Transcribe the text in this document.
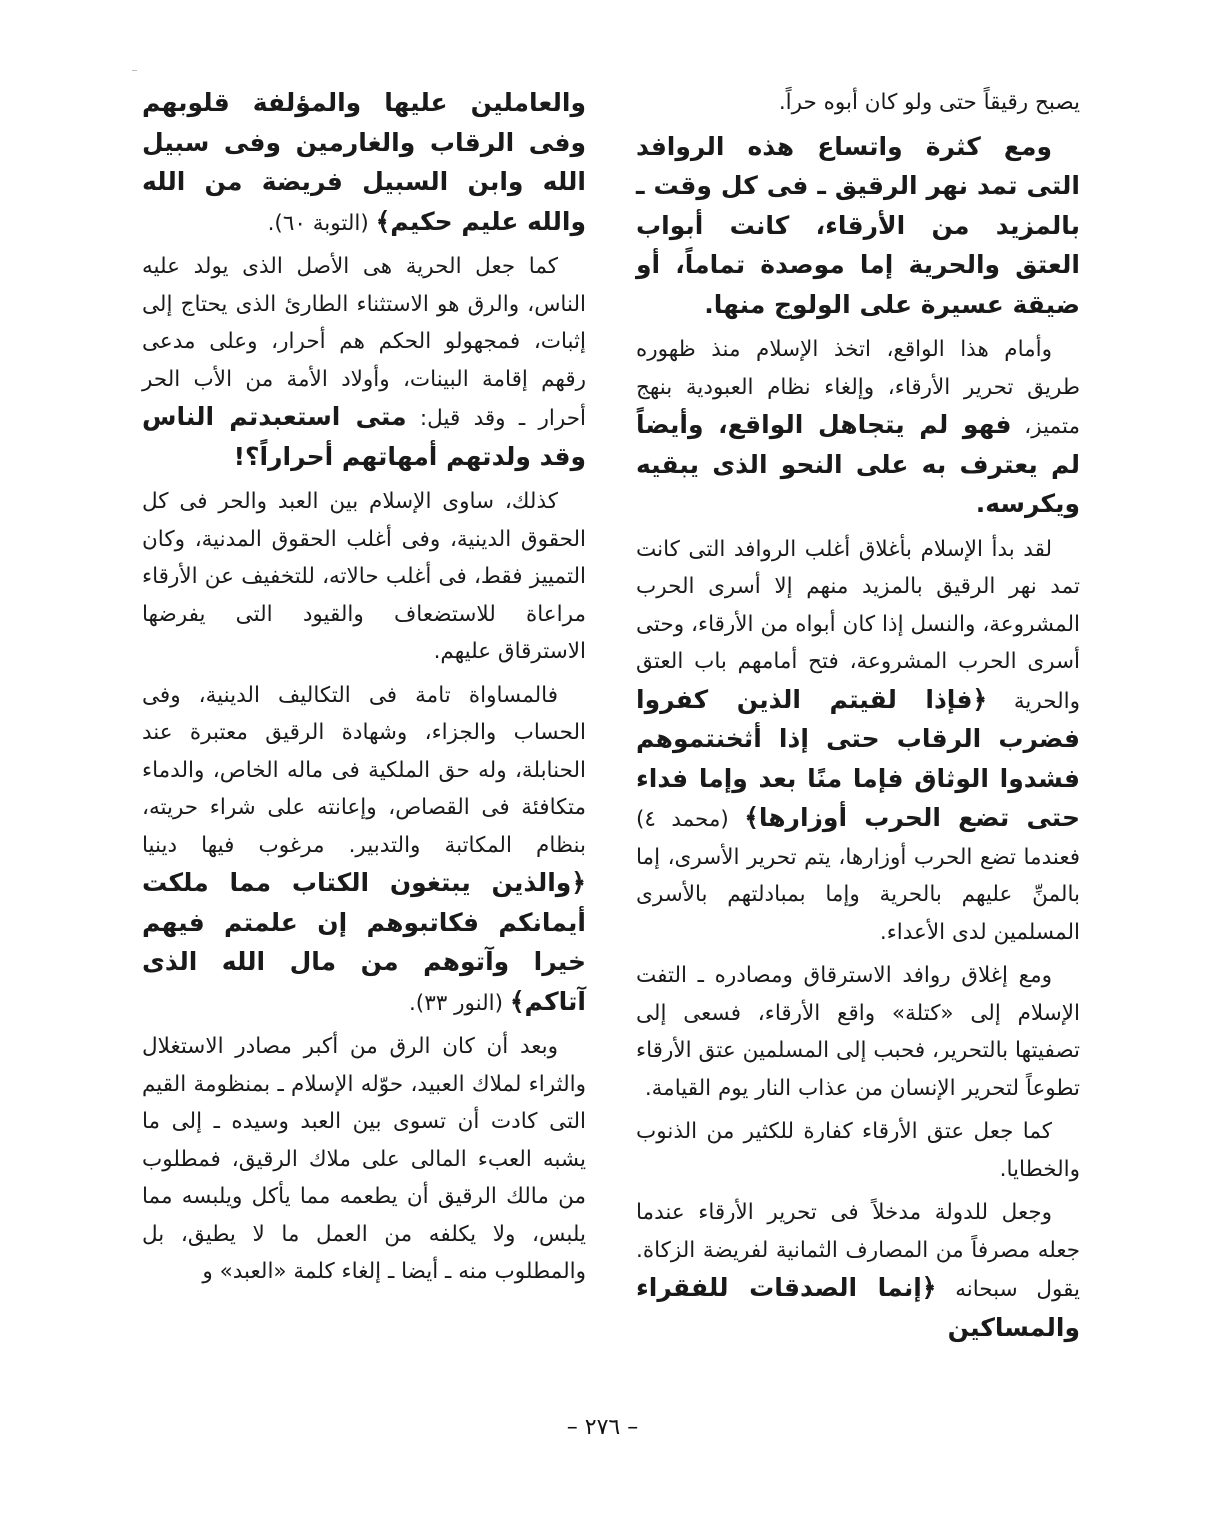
يصبح رقيقاً حتى ولو كان أبوه حراً.

ومع كثرة واتساع هذه الروافد التى تمد نهر الرقيق ـ فى كل وقت ـ بالمزيد من الأرقاء، كانت أبواب العتق والحرية إما موصدة تماماً، أو ضيقة عسيرة على الولوج منها.

وأمام هذا الواقع، اتخذ الإسلام منذ ظهوره طريق تحرير الأرقاء، وإلغاء نظام العبودية بنهج متميز، فهو لم يتجاهل الواقع، وأيضاً لم يعترف به على النحو الذى يبقيه ويكرسه.

لقد بدأ الإسلام بأغلاق أغلب الروافد التى كانت تمد نهر الرقيق بالمزيد منهم إلا أسرى الحرب المشروعة، والنسل إذا كان أبواه من الأرقاء، وحتى أسرى الحرب المشروعة، فتح أمامهم باب العتق والحرية ﴿فإذا لقيتم الذين كفروا فضرب الرقاب حتى إذا أثخنتموهم فشدوا الوثاق فإما منًا بعد وإما فداء حتى تضع الحرب أوزارها﴾ (محمد ٤) فعندما تضع الحرب أوزارها، يتم تحرير الأسرى، إما بالمنِّ عليهم بالحرية وإما بمبادلتهم بالأسرى المسلمين لدى الأعداء.

ومع إغلاق روافد الاسترقاق ومصادره ـ التفت الإسلام إلى «كتلة» واقع الأرقاء، فسعى إلى تصفيتها بالتحرير، فحبب إلى المسلمين عتق الأرقاء تطوعاً لتحرير الإنسان من عذاب النار يوم القيامة.

كما جعل عتق الأرقاء كفارة للكثير من الذنوب والخطايا.

وجعل للدولة مدخلاً فى تحرير الأرقاء عندما جعله مصرفاً من المصارف الثمانية لفريضة الزكاة. يقول سبحانه ﴿إنما الصدقات للفقراء والمساكين

والعاملين عليها والمؤلفة قلوبهم وفى الرقاب والغارمين وفى سبيل الله وابن السبيل فريضة من الله والله عليم حكيم﴾ (التوبة ٦٠).

كما جعل الحرية هى الأصل الذى يولد عليه الناس، والرق هو الاستثناء الطارئ الذى يحتاج إلى إثبات، فمجهولو الحكم هم أحرار، وعلى مدعى رقهم إقامة البينات، وأولاد الأمة من الأب الحر أحرار ـ وقد قيل: متى استعبدتم الناس وقد ولدتهم أمهاتهم أحراراً؟!

كذلك، ساوى الإسلام بين العبد والحر فى كل الحقوق الدينية، وفى أغلب الحقوق المدنية، وكان التمييز فقط، فى أغلب حالاته، للتخفيف عن الأرقاء مراعاة للاستضعاف والقيود التى يفرضها الاسترقاق عليهم.

فالمساواة تامة فى التكاليف الدينية، وفى الحساب والجزاء، وشهادة الرقيق معتبرة عند الحنابلة، وله حق الملكية فى ماله الخاص، والدماء متكافئة فى القصاص، وإعانته على شراء حريته، بنظام المكاتبة والتدبير. مرغوب فيها دينيا ﴿والذين يبتغون الكتاب مما ملكت أيمانكم فكاتبوهم إن علمتم فيهم خيرا وآتوهم من مال الله الذى آتاكم﴾ (النور ٣٣).

وبعد أن كان الرق من أكبر مصادر الاستغلال والثراء لملاك العبيد، حوّله الإسلام ـ بمنظومة القيم التى كادت أن تسوى بين العبد وسيده ـ إلى ما يشبه العبء المالى على ملاك الرقيق، فمطلوب من مالك الرقيق أن يطعمه مما يأكل ويلبسه مما يلبس، ولا يكلفه من العمل ما لا يطيق، بل والمطلوب منه ـ أيضا ـ إلغاء كلمة «العبد» و

– ٢٧٦ –
